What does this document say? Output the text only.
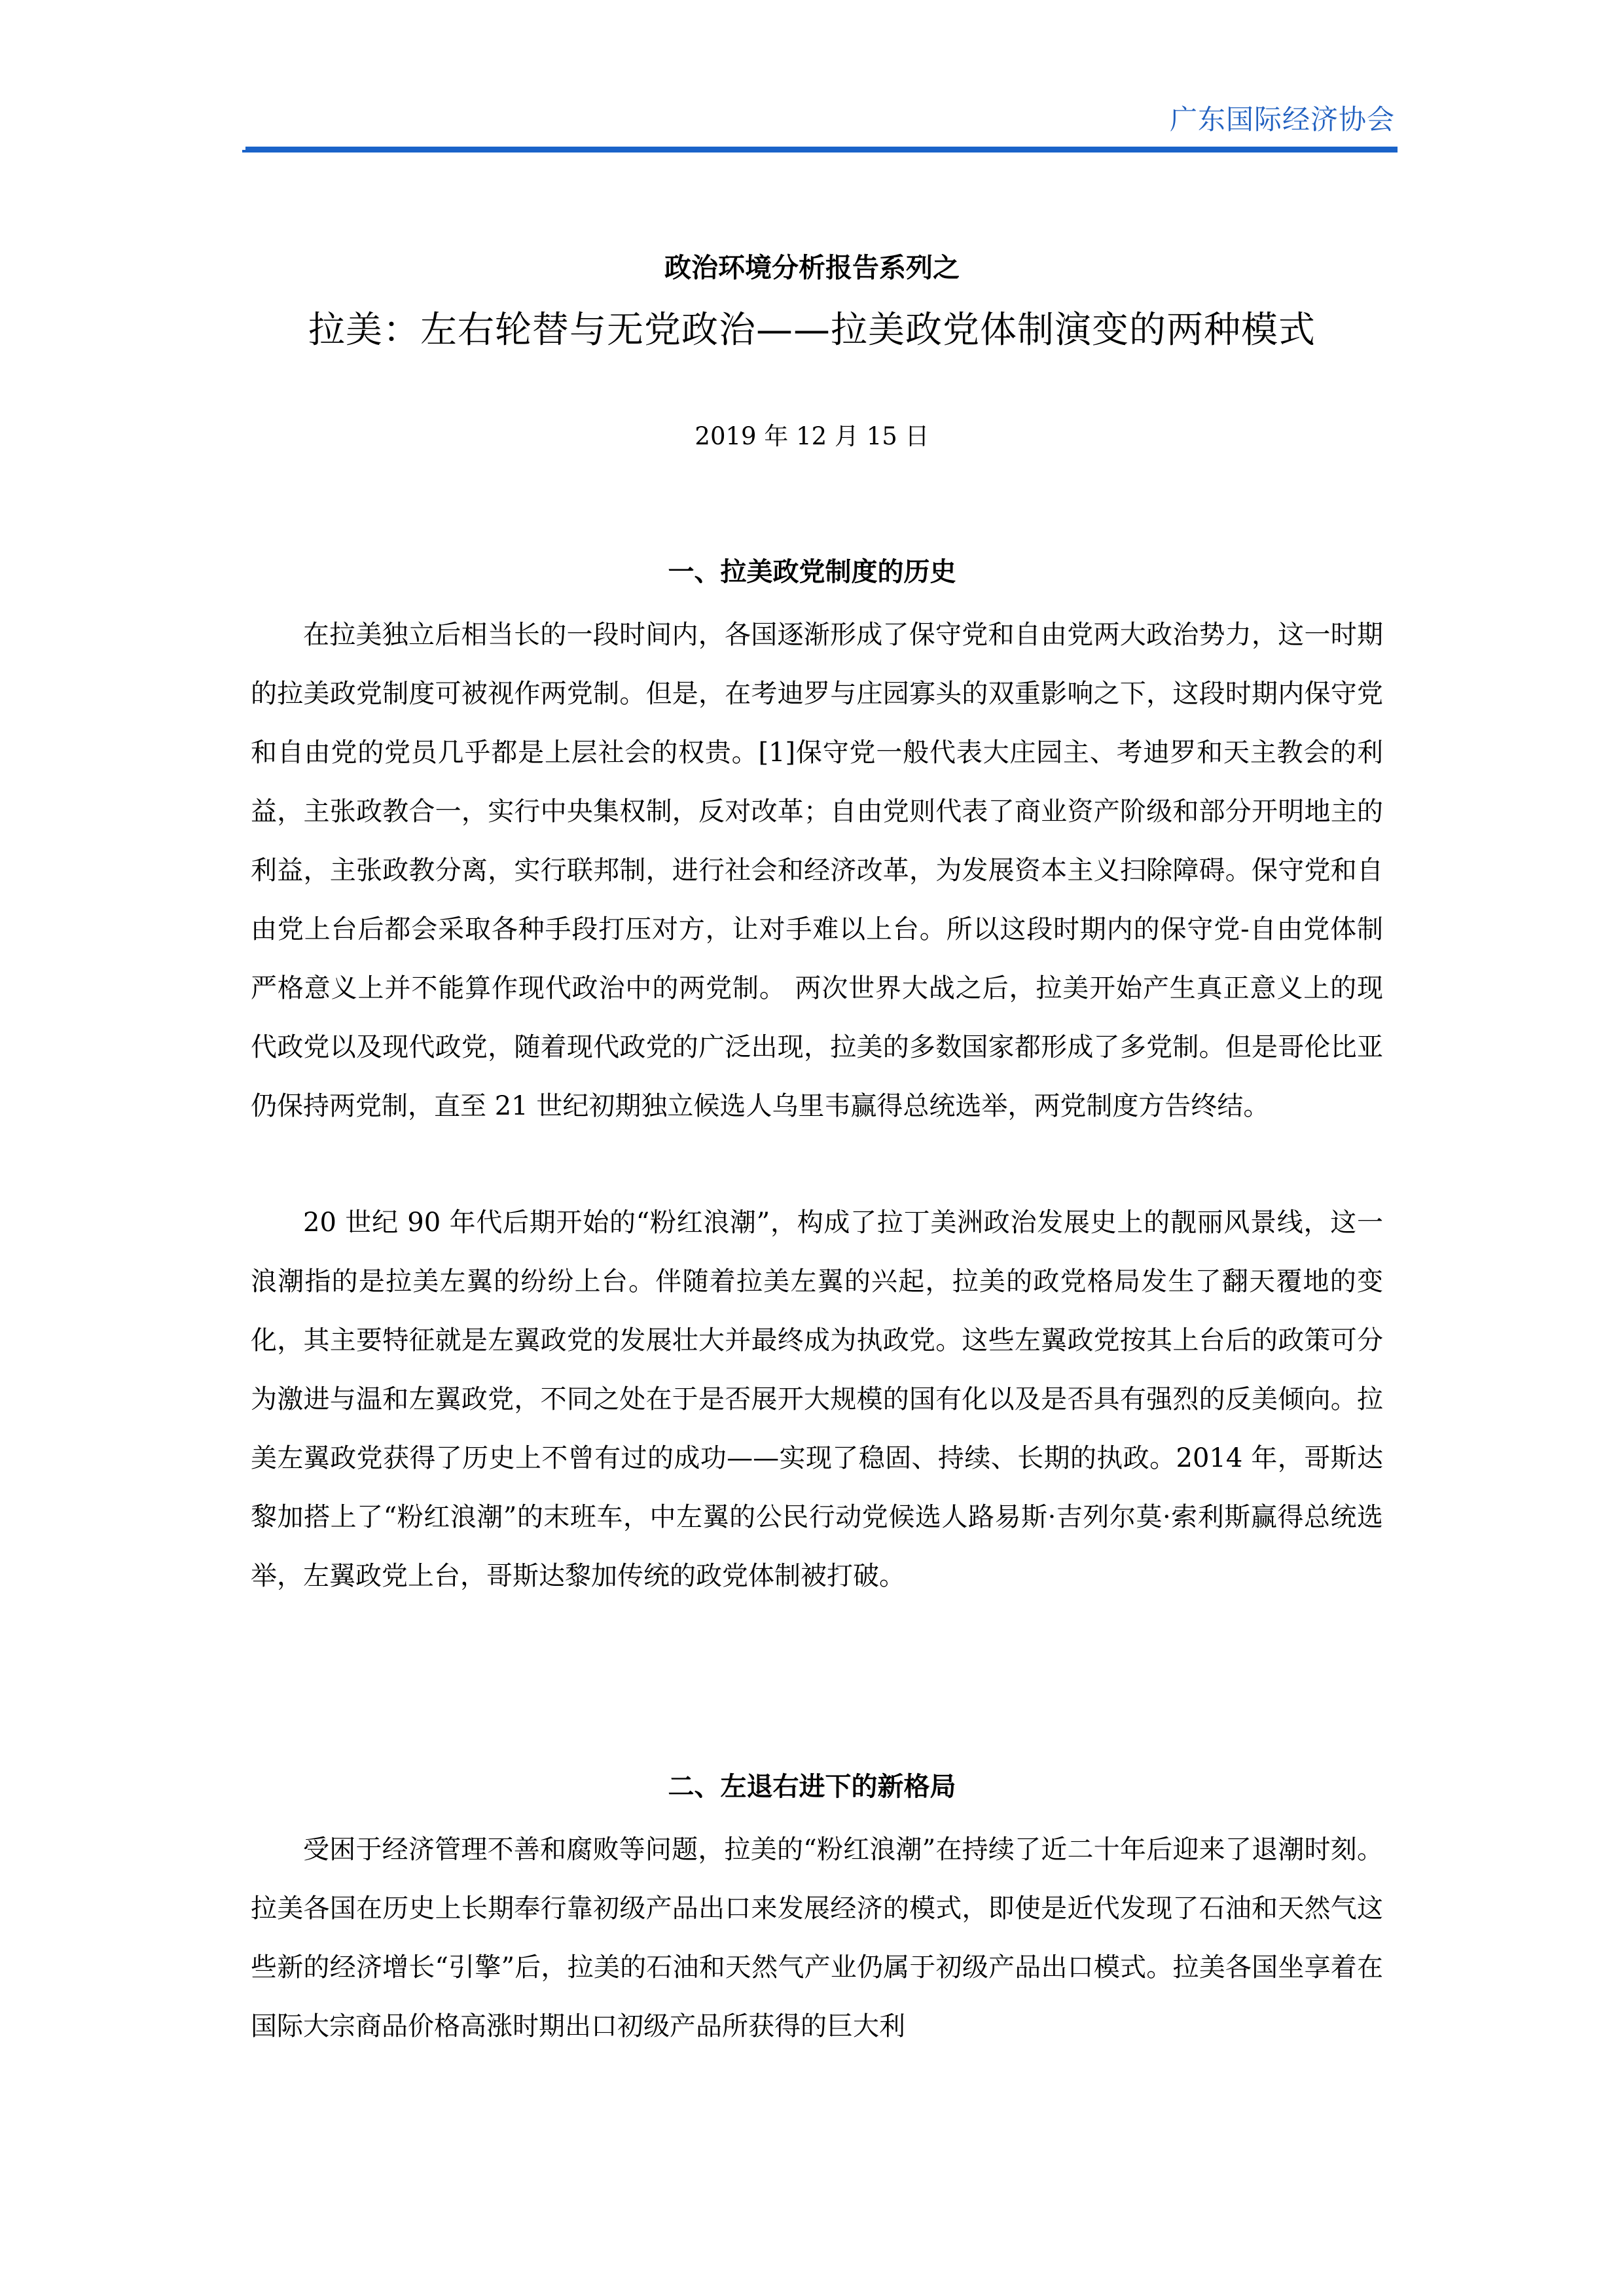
广东国际经济协会
政治环境分析报告系列之
拉美：左右轮替与无党政治——拉美政党体制演变的两种模式
2019 年 12 月 15 日
一、拉美政党制度的历史
在拉美独立后相当长的一段时间内，各国逐渐形成了保守党和自由党两大政治势力，这一时期的拉美政党制度可被视作两党制。但是，在考迪罗与庄园寡头的双重影响之下，这段时期内保守党和自由党的党员几乎都是上层社会的权贵。[1]保守党一般代表大庄园主、考迪罗和天主教会的利益，主张政教合一，实行中央集权制，反对改革；自由党则代表了商业资产阶级和部分开明地主的利益，主张政教分离，实行联邦制，进行社会和经济改革，为发展资本主义扫除障碍。保守党和自由党上台后都会采取各种手段打压对方，让对手难以上台。所以这段时期内的保守党-自由党体制严格意义上并不能算作现代政治中的两党制。 两次世界大战之后，拉美开始产生真正意义上的现代政党以及现代政党，随着现代政党的广泛出现，拉美的多数国家都形成了多党制。但是哥伦比亚仍保持两党制，直至 21 世纪初期独立候选人乌里韦赢得总统选举，两党制度方告终结。
20 世纪 90 年代后期开始的“粉红浪潮”，构成了拉丁美洲政治发展史上的靓丽风景线，这一浪潮指的是拉美左翼的纷纷上台。伴随着拉美左翼的兴起，拉美的政党格局发生了翻天覆地的变化，其主要特征就是左翼政党的发展壮大并最终成为执政党。这些左翼政党按其上台后的政策可分为激进与温和左翼政党，不同之处在于是否展开大规模的国有化以及是否具有强烈的反美倾向。拉美左翼政党获得了历史上不曾有过的成功——实现了稳固、持续、长期的执政。2014 年，哥斯达黎加搭上了“粉红浪潮”的末班车，中左翼的公民行动党候选人路易斯·吉列尔莫·索利斯赢得总统选举，左翼政党上台，哥斯达黎加传统的政党体制被打破。
二、左退右进下的新格局
受困于经济管理不善和腐败等问题，拉美的“粉红浪潮”在持续了近二十年后迎来了退潮时刻。拉美各国在历史上长期奉行靠初级产品出口来发展经济的模式，即使是近代发现了石油和天然气这些新的经济增长“引擎”后，拉美的石油和天然气产业仍属于初级产品出口模式。拉美各国坐享着在国际大宗商品价格高涨时期出口初级产品所获得的巨大利
